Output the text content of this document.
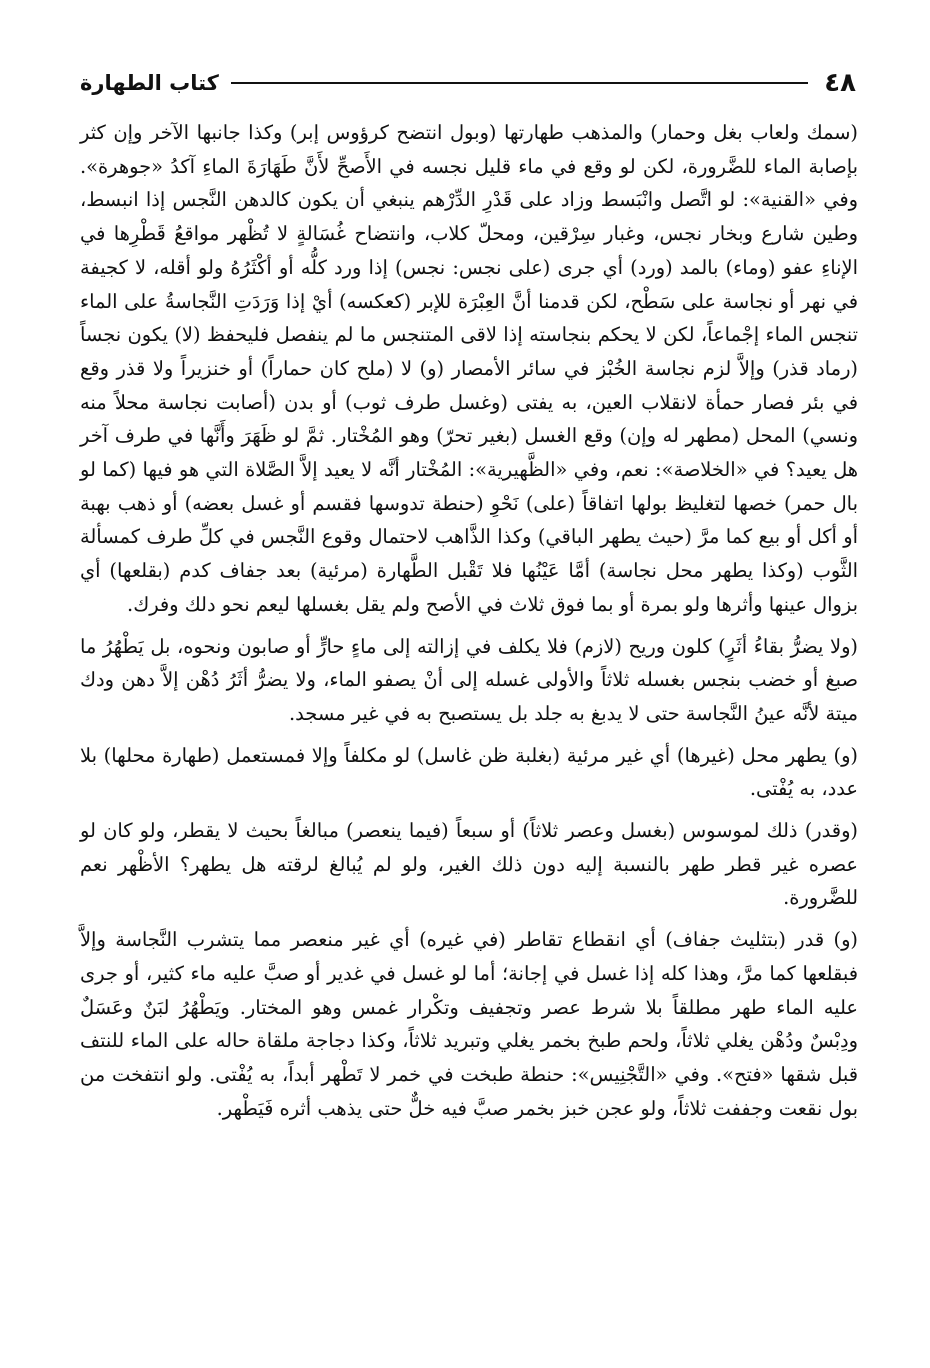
٤٨
كتاب الطهارة

(سمك ولعاب بغل وحمار) والمذهب طهارتها (وبول انتضح كرؤوس إبر) وكذا جانبها الآخر وإن كثر بإصابة الماء للضَّرورة، لكن لو وقع في ماء قليل نجسه في الأَصحِّ لأَنَّ طَهَارَةَ الماءِ آكدُ «جوهرة». وفي «القنية»: لو اتَّصل وانْبَسط وزاد على قَدْرِ الدِّرْهم ينبغي أن يكون كالدهن النَّجس إذا انبسط، وطين شارع وبخار نجس، وغبار سِرْقين، ومحلّ كلاب، وانتضاح غُسَالةٍ لا تُظْهر مواقعُ قَطْرِها في الإناءِ عفو (وماء) بالمد (ورد) أي جرى (على نجس: نجس) إذا ورد كلُّه أو أكْثَرُهُ ولو أقله، لا كجيفة في نهر أو نجاسة على سَطْح، لكن قدمنا أنَّ العِبْرَة للإبر (كعكسه) أيْ إذا وَرَدَتِ النَّجاسةُ على الماء تنجس الماء إجْماعاً، لكن لا يحكم بنجاسته إذا لاقى المتنجس ما لم ينفصل فليحفظ (لا) يكون نجساً (رماد قذر) وإلاَّ لزم نجاسة الخُبْز في سائر الأمصار (و) لا (ملح كان حماراً) أو خنزيراً ولا قذر وقع في بئر فصار حمأة لانقلاب العين، به يفتى (وغسل طرف ثوب) أو بدن (أصابت نجاسة محلاً منه ونسي) المحل (مطهر له وإن) وقع الغسل (بغير تحرّ) وهو المُخْتار. ثمَّ لو ظَهَرَ وأَنَّها في طرف آخر هل يعيد؟ في «الخلاصة»: نعم، وفي «الظَّهيرية»: المُخْتار أنَّه لا يعيد إلاَّ الصَّلاة التي هو فيها (كما لو بال حمر) خصها لتغليظ بولها اتفاقاً (على) نَحْوِ (حنطة تدوسها فقسم أو غسل بعضه) أو ذهب بهبة أو أكل أو بيع كما مرَّ (حيث يطهر الباقي) وكذا الذَّاهب لاحتمال وقوع النَّجس في كلِّ طرف كمسألة الثَّوب (وكذا يطهر محل نجاسة) أمَّا عَيْنُها فلا تَقْبل الطَّهارة (مرئية) بعد جفاف كدم (بقلعها) أي بزوال عينها وأثرها ولو بمرة أو بما فوق ثلاث في الأصح ولم يقل بغسلها ليعم نحو دلك وفرك.

(ولا يضرُّ بقاءُ أثَرٍ) كلون وريح (لازم) فلا يكلف في إزالته إلى ماءٍ حارٍّ أو صابون ونحوه، بل يَطْهُرُ ما صبغ أو خضب بنجس بغسله ثلاثاً والأولى غسله إلى أنْ يصفو الماء، ولا يضرُّ أثَرُ دُهْن إلاَّ دهن ودك ميتة لأنَّه عينُ النَّجاسة حتى لا يدبغ به جلد بل يستصبح به في غير مسجد.

(و) يطهر محل (غيرها) أي غير مرئية (بغلبة ظن غاسل) لو مكلفاً وإلا فمستعمل (طهارة محلها) بلا عدد، به يُفْتى.

(وقدر) ذلك لموسوس (بغسل وعصر ثلاثاً) أو سبعاً (فيما ينعصر) مبالغاً بحيث لا يقطر، ولو كان لو عصره غير قطر طهر بالنسبة إليه دون ذلك الغير، ولو لم يُبالغ لرقته هل يطهر؟ الأظْهر نعم للضَّرورة.

(و) قدر (بتثليث جفاف) أي انقطاع تقاطر (في غيره) أي غير منعصر مما يتشرب النَّجاسة وإلاَّ فبقلعها كما مرَّ، وهذا كله إذا غسل في إجانة؛ أما لو غسل في غدير أو صبَّ عليه ماء كثير، أو جرى عليه الماء طهر مطلقاً بلا شرط عصر وتجفيف وتكْرار غمس وهو المختار. ويَطْهُرُ لبَنٌ وعَسَلٌ ودِبْسٌ ودُهْن يغلي ثلاثاً، ولحم طبخ بخمر يغلي وتبريد ثلاثاً، وكذا دجاجة ملقاة حاله على الماء للنتف قبل شقها «فتح». وفي «التَّجْنِيس»: حنطة طبخت في خمر لا تَطْهر أبداً، به يُفْتى. ولو انتفخت من بول نقعت وجففت ثلاثاً، ولو عجن خبز بخمر صبَّ فيه خلٌّ حتى يذهب أثره فَيَطْهر.
